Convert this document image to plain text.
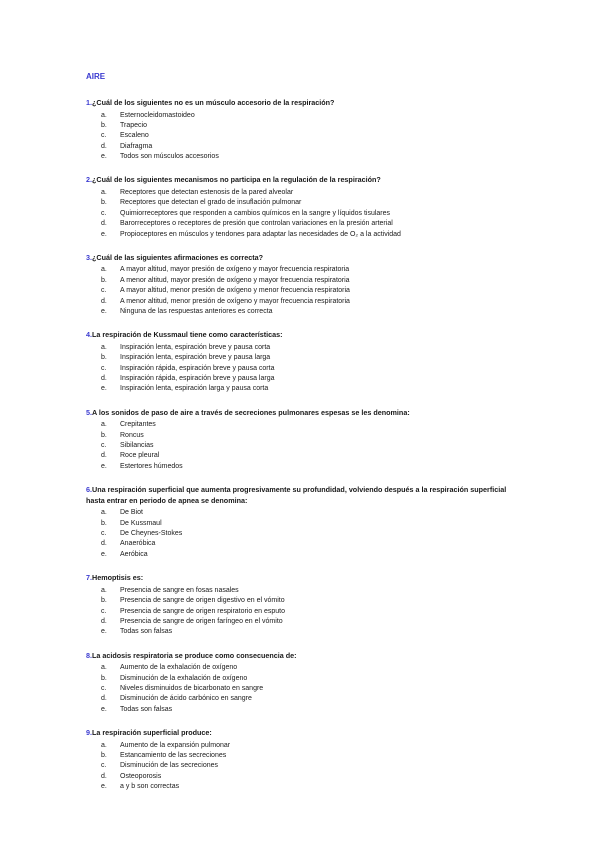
AIRE
1.¿Cuál de los siguientes no es un músculo accesorio de la respiración?
a.	Esternocleidomastoideo
b.	Trapecio
c.	Escaleno
d.	Diafragma
e.	Todos son músculos accesorios
2.¿Cuál de los siguientes mecanismos no participa en la regulación de la respiración?
a.	Receptores que detectan estenosis de la pared alveolar
b.	Receptores que detectan el grado de insuflación pulmonar
c.	Quimiorreceptores que responden a cambios químicos en la sangre y líquidos tisulares
d.	Barorreceptores o receptores de presión que controlan variaciones en la presión arterial
e.	Propioceptores en músculos y tendones para adaptar las necesidades de O₂ a la actividad
3.¿Cuál de las siguientes afirmaciones es correcta?
a.	A mayor altitud, mayor presión de oxígeno y mayor frecuencia respiratoria
b.	A menor altitud, mayor presión de oxígeno y mayor frecuencia respiratoria
c.	A mayor altitud, menor presión de oxígeno y menor frecuencia respiratoria
d.	A menor altitud, menor presión de oxígeno y mayor frecuencia respiratoria
e.	Ninguna de las respuestas anteriores es correcta
4.La respiración de Kussmaul tiene como características:
a.	Inspiración lenta, espiración breve y pausa corta
b.	Inspiración lenta, espiración breve y pausa larga
c.	Inspiración rápida, espiración breve y pausa corta
d.	Inspiración rápida, espiración breve y pausa larga
e.	Inspiración lenta, espiración larga y pausa corta
5.A los sonidos de paso de aire a través de secreciones pulmonares espesas se les denomina:
a.	Crepitantes
b.	Roncus
c.	Sibilancias
d.	Roce pleural
e.	Estertores húmedos
6.Una respiración superficial que aumenta progresivamente su profundidad, volviendo después a la respiración superficial hasta entrar en periodo de apnea se denomina:
a.	De Biot
b.	De Kussmaul
c.	De Cheynes-Stokes
d.	Anaeróbica
e.	Aeróbica
7.Hemoptisis es:
a.	Presencia de sangre en fosas nasales
b.	Presencia de sangre de origen digestivo en el vómito
c.	Presencia de sangre de origen respiratorio en esputo
d.	Presencia de sangre de origen faríngeo en el vómito
e.	Todas son falsas
8.La acidosis respiratoria se produce como consecuencia de:
a.	Aumento de la exhalación de oxígeno
b.	Disminución de la exhalación de oxígeno
c.	Niveles disminuidos de bicarbonato en sangre
d.	Disminución de ácido carbónico en sangre
e.	Todas son falsas
9.La respiración superficial produce:
a.	Aumento de la expansión pulmonar
b.	Estancamiento de las secreciones
c.	Disminución de las secreciones
d.	Osteoporosis
e.	a y b son correctas
